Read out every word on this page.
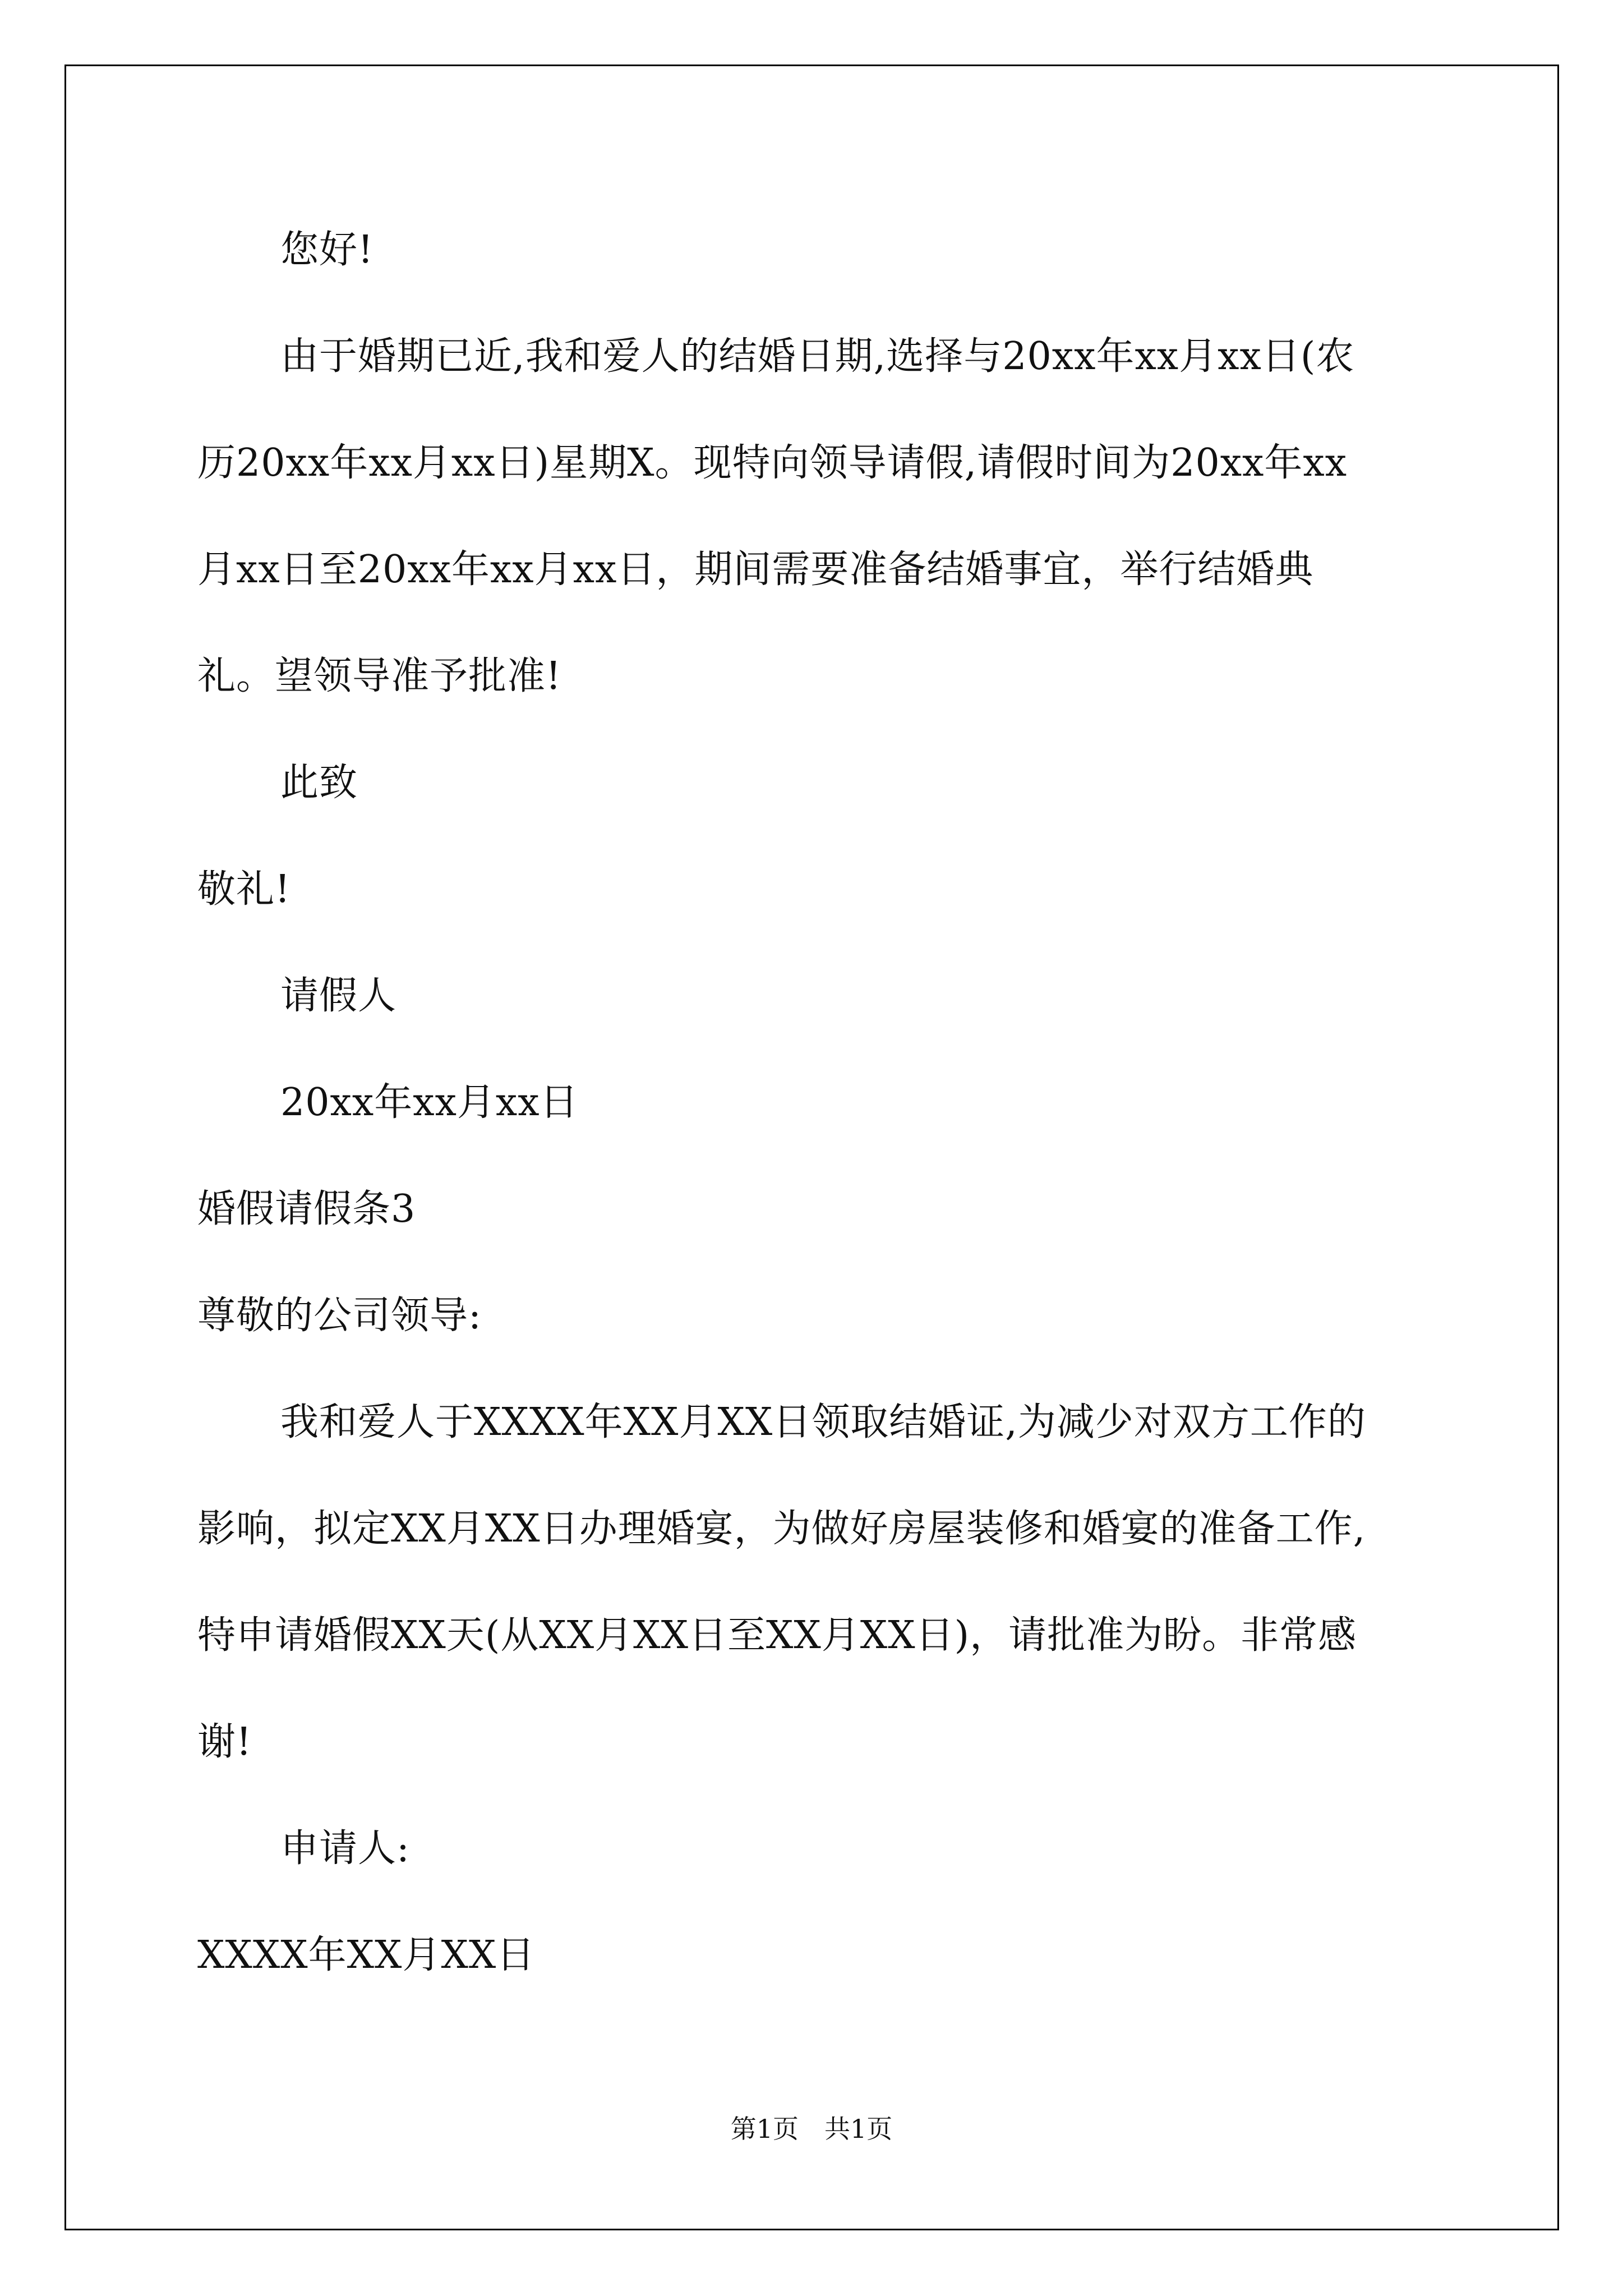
您好!

由于婚期已近,我和爱人的结婚日期,选择与20xx年xx月xx日(农

历20xx年xx月xx日)星期X。现特向领导请假,请假时间为20xx年xx

月xx日至20xx年xx月xx日，期间需要准备结婚事宜，举行结婚典

礼。望领导准予批准!

此致

敬礼!

请假人

20xx年xx月xx日

婚假请假条3

尊敬的公司领导:

我和爱人于XXXX年XX月XX日领取结婚证,为减少对双方工作的

影响，拟定XX月XX日办理婚宴，为做好房屋装修和婚宴的准备工作,

特申请婚假XX天(从XX月XX日至XX月XX日)，请批准为盼。非常感

谢!

申请人:

XXXX年XX月XX日

第1页　共1页
